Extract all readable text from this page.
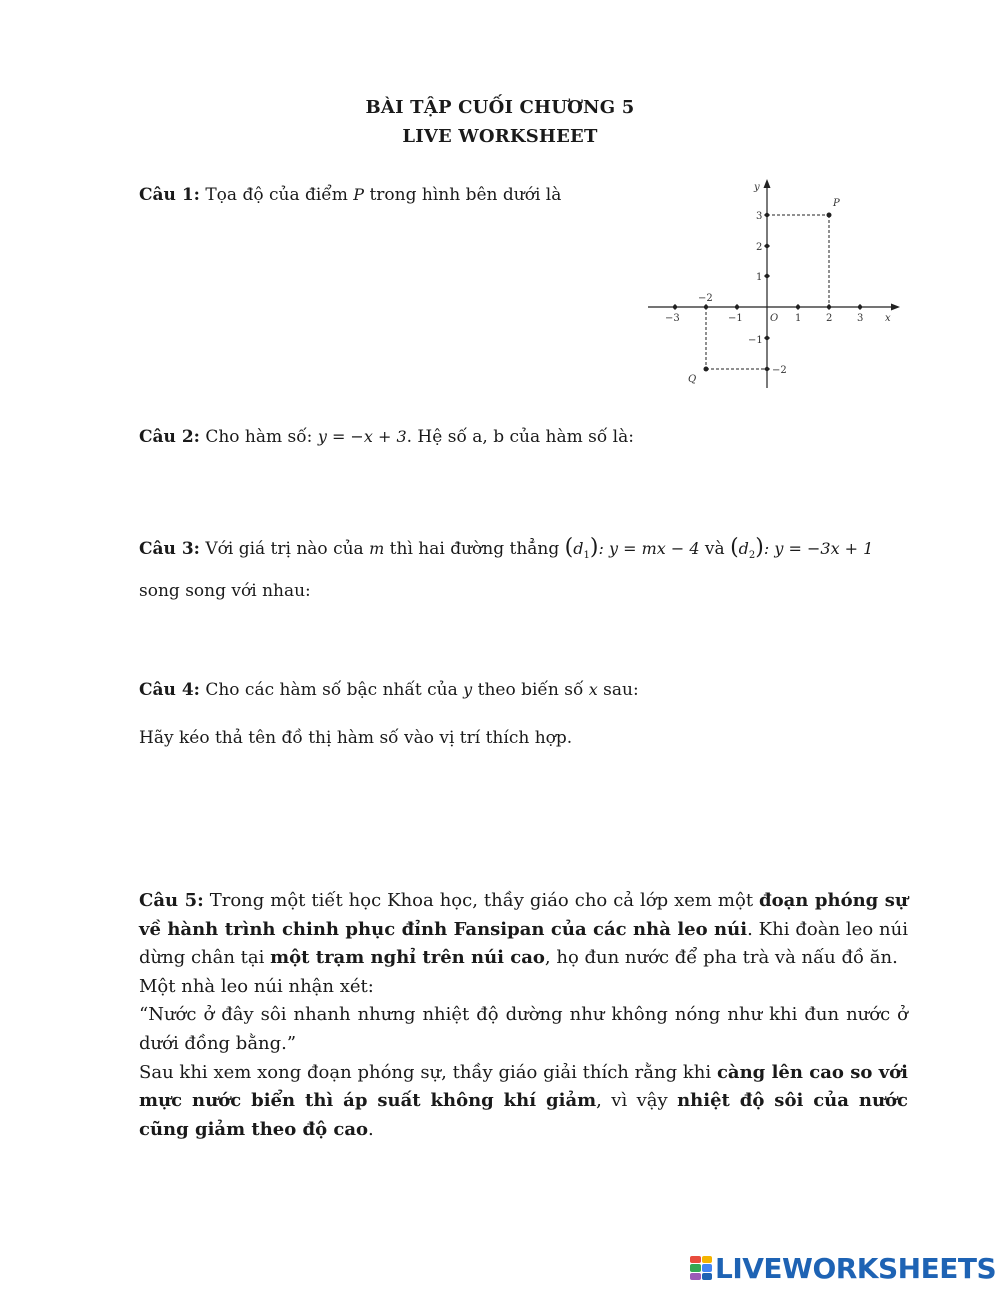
BÀI TẬP CUỐI CHƯƠNG 5
LIVE WORKSHEET
Câu 1: Tọa độ của điểm P trong hình bên dưới là
−3
−2
−1	O 1 2 3 x
y
3
2
1
−1
−2
P
Q
Câu 2: Cho hàm số: y = −x + 3. Hệ số a, b của hàm số là:
Câu 3: Với giá trị nào của m thì hai đường thẳng $(d_1)$: y = mx − 4 và $(d_2)$: y = −3x + 1
song song với nhau:
Câu 4: Cho các hàm số bậc nhất của y theo biến số x sau:
Hãy kéo thả tên đồ thị hàm số vào vị trí thích hợp.
Câu 5: Trong một tiết học Khoa học, thầy giáo cho cả lớp xem một đoạn phóng sự về hành trình chinh phục đỉnh Fansipan của các nhà leo núi. Khi đoàn leo núi dừng chân tại một trạm nghỉ trên núi cao, họ đun nước để pha trà và nấu đồ ăn.
Một nhà leo núi nhận xét:
“Nước ở đây sôi nhanh nhưng nhiệt độ dường như không nóng như khi đun nước ở dưới đồng bằng.”
Sau khi xem xong đoạn phóng sự, thầy giáo giải thích rằng khi càng lên cao so với mực nước biển thì áp suất không khí giảm, vì vậy nhiệt độ sôi của nước cũng giảm theo độ cao.
LIVEWORKSHEETS
